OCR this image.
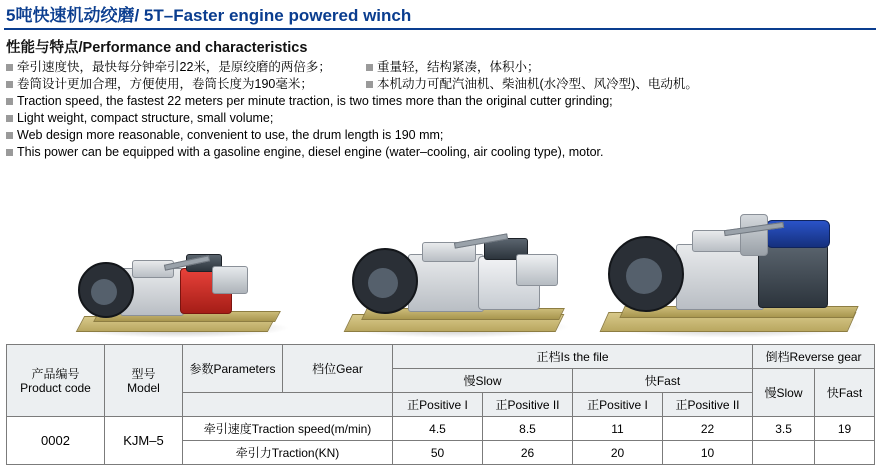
5吨快速机动绞磨/ 5T–Faster engine powered winch
性能与特点/Performance and characteristics
牵引速度快，最快每分钟牵引22米，是原绞磨的两倍多；	重量轻，结构紧凑，体积小；
卷筒设计更加合理，方便使用，卷筒长度为190毫米；	本机动力可配汽油机、柴油机(水冷型、风冷型)、电动机。
Traction speed, the fastest 22 meters per minute traction, is two times more than the original cutter grinding;
Light weight, compact structure, small volume;
Web design more reasonable, convenient to use, the drum length is 190 mm;
This power can be equipped with a gasoline engine, diesel engine (water–cooling, air cooling type), motor.
产品编号
Product code	型号
Model	参数Parameters	档位Gear	正档Is the file				倒档Reverse gear	
				慢Slow		快Fast		慢Slow	快Fast
				正Positive I	正Positive II	正Positive I	正Positive II		
0002	KJM–5	牵引速度Traction speed(m/min)		4.5	8.5	11	22	3.5	19
		牵引力Traction(KN)		50	26	20	10		
